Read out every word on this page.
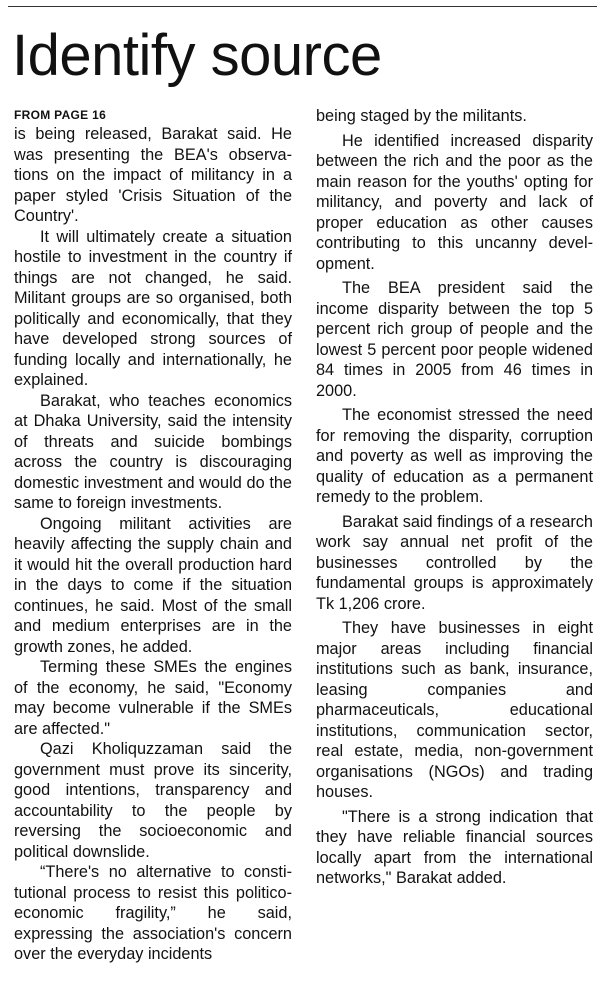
Identify source
FROM PAGE 16

is being released, Barakat said. He was presenting the BEA's observations on the impact of militancy in a paper styled 'Crisis Situation of the Country'.

It will ultimately create a situation hostile to investment in the country if things are not changed, he said. Militant groups are so organised, both politically and economically, that they have developed strong sources of funding locally and internationally, he explained.

Barakat, who teaches economics at Dhaka University, said the intensity of threats and suicide bombings across the country is discouraging domestic investment and would do the same to foreign investments.

Ongoing militant activities are heavily affecting the supply chain and it would hit the overall production hard in the days to come if the situation continues, he said. Most of the small and medium enterprises are in the growth zones, he added.

Terming these SMEs the engines of the economy, he said, "Economy may become vulnerable if the SMEs are affected."

Qazi Kholiquzzaman said the government must prove its sincerity, good intentions, transparency and accountability to the people by reversing the socioeconomic and political downslide.

“There's no alternative to constitutional process to resist this politico-economic fragility,” he said, expressing the association's concern over the everyday incidents

being staged by the militants.

He identified increased disparity between the rich and the poor as the main reason for the youths' opting for militancy, and poverty and lack of proper education as other causes contributing to this uncanny development.

The BEA president said the income disparity between the top 5 percent rich group of people and the lowest 5 percent poor people widened 84 times in 2005 from 46 times in 2000.

The economist stressed the need for removing the disparity, corruption and poverty as well as improving the quality of education as a permanent remedy to the problem.

Barakat said findings of a research work say annual net profit of the businesses controlled by the fundamental groups is approximately Tk 1,206 crore.

They have businesses in eight major areas including financial institutions such as bank, insurance, leasing companies and pharmaceuticals, educational institutions, communication sector, real estate, media, non-government organisations (NGOs) and trading houses.

"There is a strong indication that they have reliable financial sources locally apart from the international networks," Barakat added.
